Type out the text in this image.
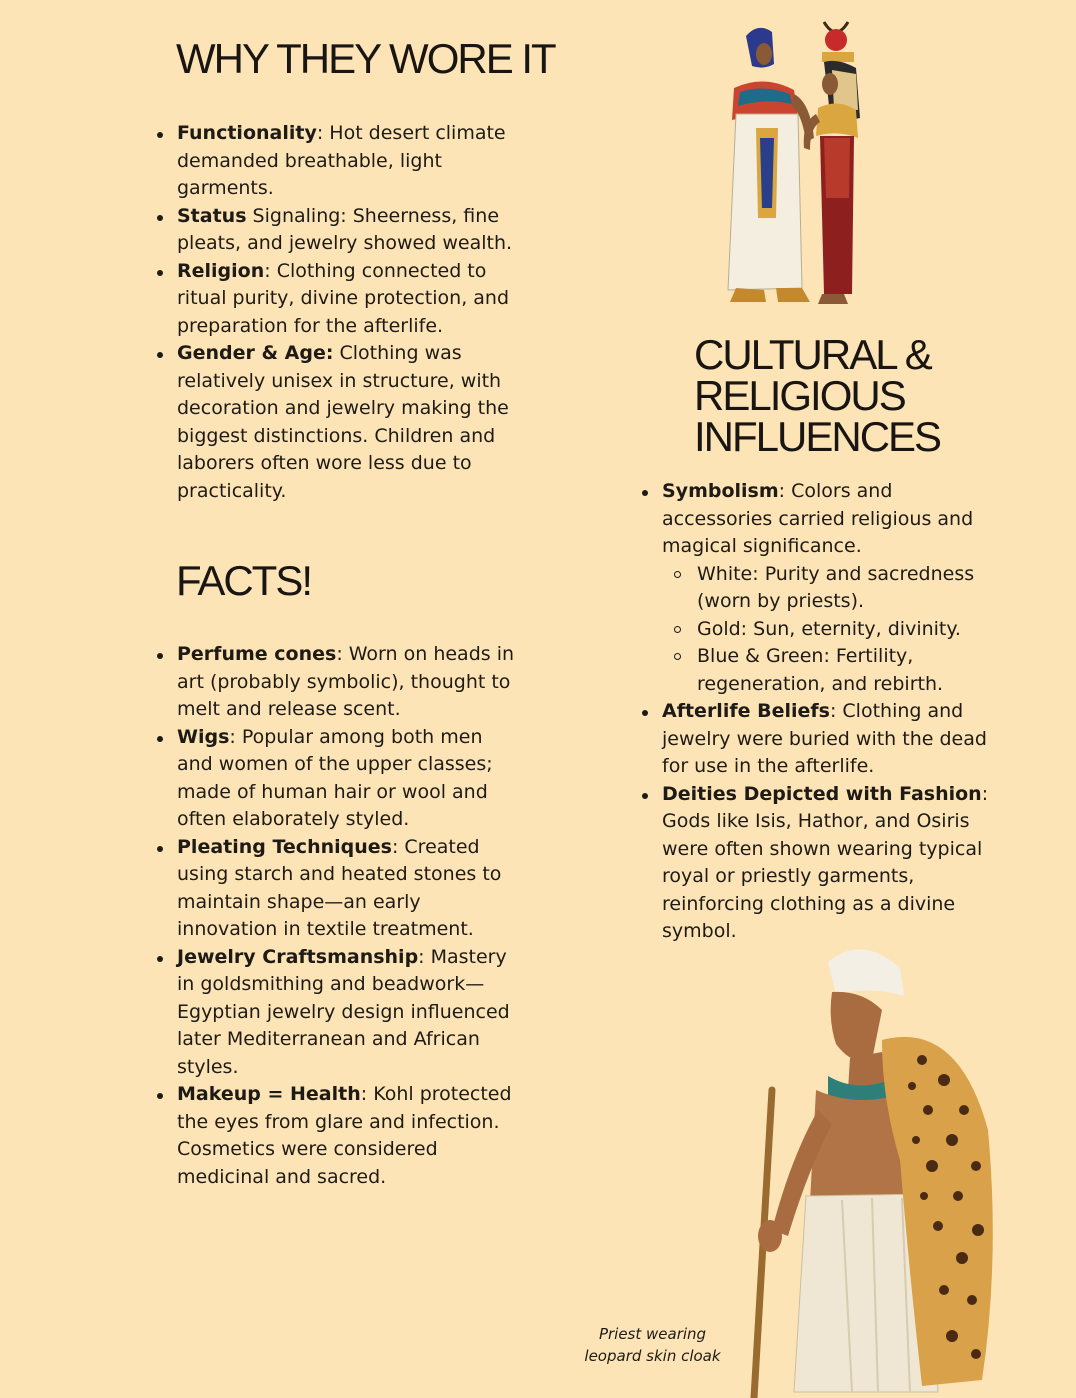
WHY THEY WORE IT
Functionality: Hot desert climate demanded breathable, light garments.
Status Signaling: Sheerness, fine pleats, and jewelry showed wealth.
Religion: Clothing connected to ritual purity, divine protection, and preparation for the afterlife.
Gender & Age: Clothing was relatively unisex in structure, with decoration and jewelry making the biggest distinctions. Children and laborers often wore less due to practicality.
FACTS!
Perfume cones: Worn on heads in art (probably symbolic), thought to melt and release scent.
Wigs: Popular among both men and women of the upper classes; made of human hair or wool and often elaborately styled.
Pleating Techniques: Created using starch and heated stones to maintain shape—an early innovation in textile treatment.
Jewelry Craftsmanship: Mastery in goldsmithing and beadwork—Egyptian jewelry design influenced later Mediterranean and African styles.
Makeup = Health: Kohl protected the eyes from glare and infection. Cosmetics were considered medicinal and sacred.
CULTURAL &
RELIGIOUS
INFLUENCES
Symbolism: Colors and accessories carried religious and magical significance.
White: Purity and sacredness (worn by priests).
Gold: Sun, eternity, divinity.
Blue & Green: Fertility, regeneration, and rebirth.
Afterlife Beliefs: Clothing and jewelry were buried with the dead for use in the afterlife.
Deities Depicted with Fashion: Gods like Isis, Hathor, and Osiris were often shown wearing typical royal or priestly garments, reinforcing clothing as a divine symbol.
Priest wearing leopard skin cloak
